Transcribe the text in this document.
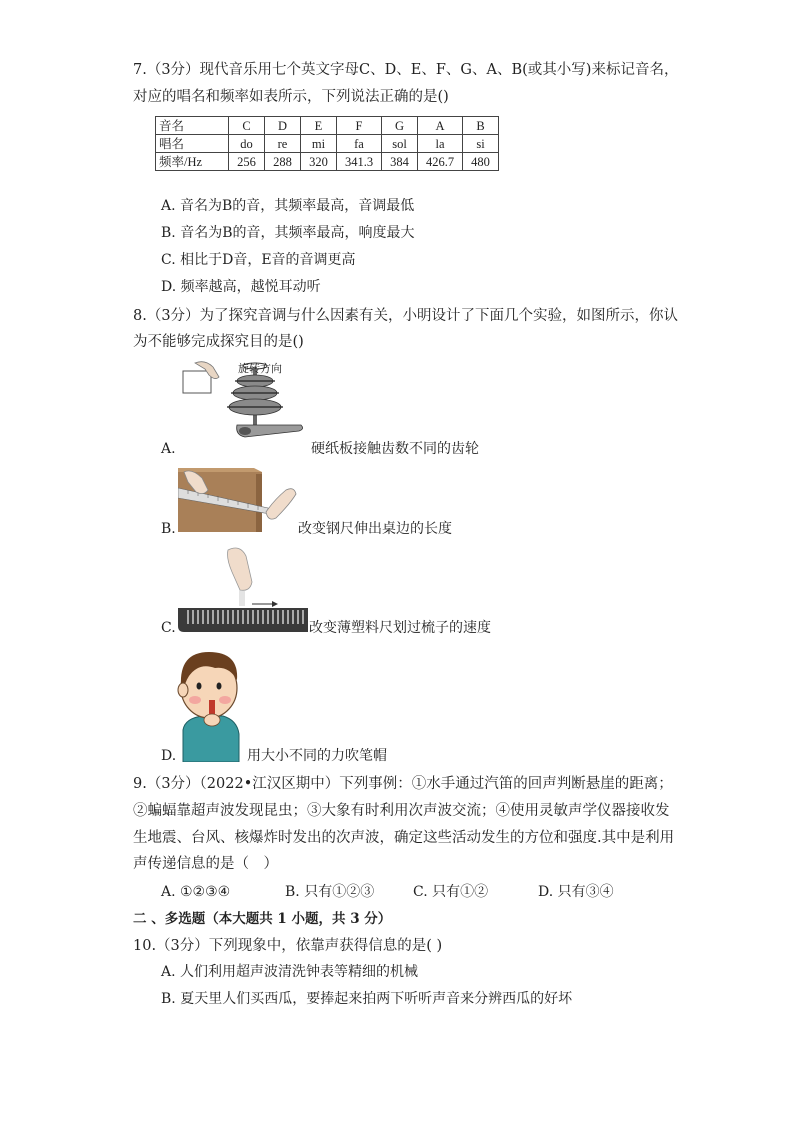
7.（3分）现代音乐用七个英文字母C、D、E、F、G、A、B(或其小写)来标记音名，
对应的唱名和频率如表所示，下列说法正确的是()
音名	C	D	E	F	G	A	B
唱名	do	re	mi	fa	sol	la	si
频率/Hz	256	288	320	341.3	384	426.7	480
A. 音名为B的音，其频率最高，音调最低
B. 音名为B的音，其频率最高，响度最大
C. 相比于D音，E音的音调更高
D. 频率越高，越悦耳动听
8.（3分）为了探究音调与什么因素有关，小明设计了下面几个实验，如图所示，你认
为不能够完成探究目的是()
旋转方向
A.	硬纸板接触齿数不同的齿轮
B.	改变钢尺伸出桌边的长度
C.	改变薄塑料尺划过梳子的速度
D.	用大小不同的力吹笔帽
9.（3分）（2022•江汉区期中）下列事例：①水手通过汽笛的回声判断悬崖的距离；
②蝙蝠靠超声波发现昆虫；③大象有时利用次声波交流；④使用灵敏声学仪器接收发
生地震、台风、核爆炸时发出的次声波，确定这些活动发生的方位和强度.其中是利用
声传递信息的是（　）
A. ①②③④	B. 只有①②③	C. 只有①②	D. 只有③④
二 、多选题（本大题共 1 小题，共 3 分）
10.（3分）下列现象中，依靠声获得信息的是( )
A. 人们利用超声波清洗钟表等精细的机械
B. 夏天里人们买西瓜，要捧起来拍两下听听声音来分辨西瓜的好坏
